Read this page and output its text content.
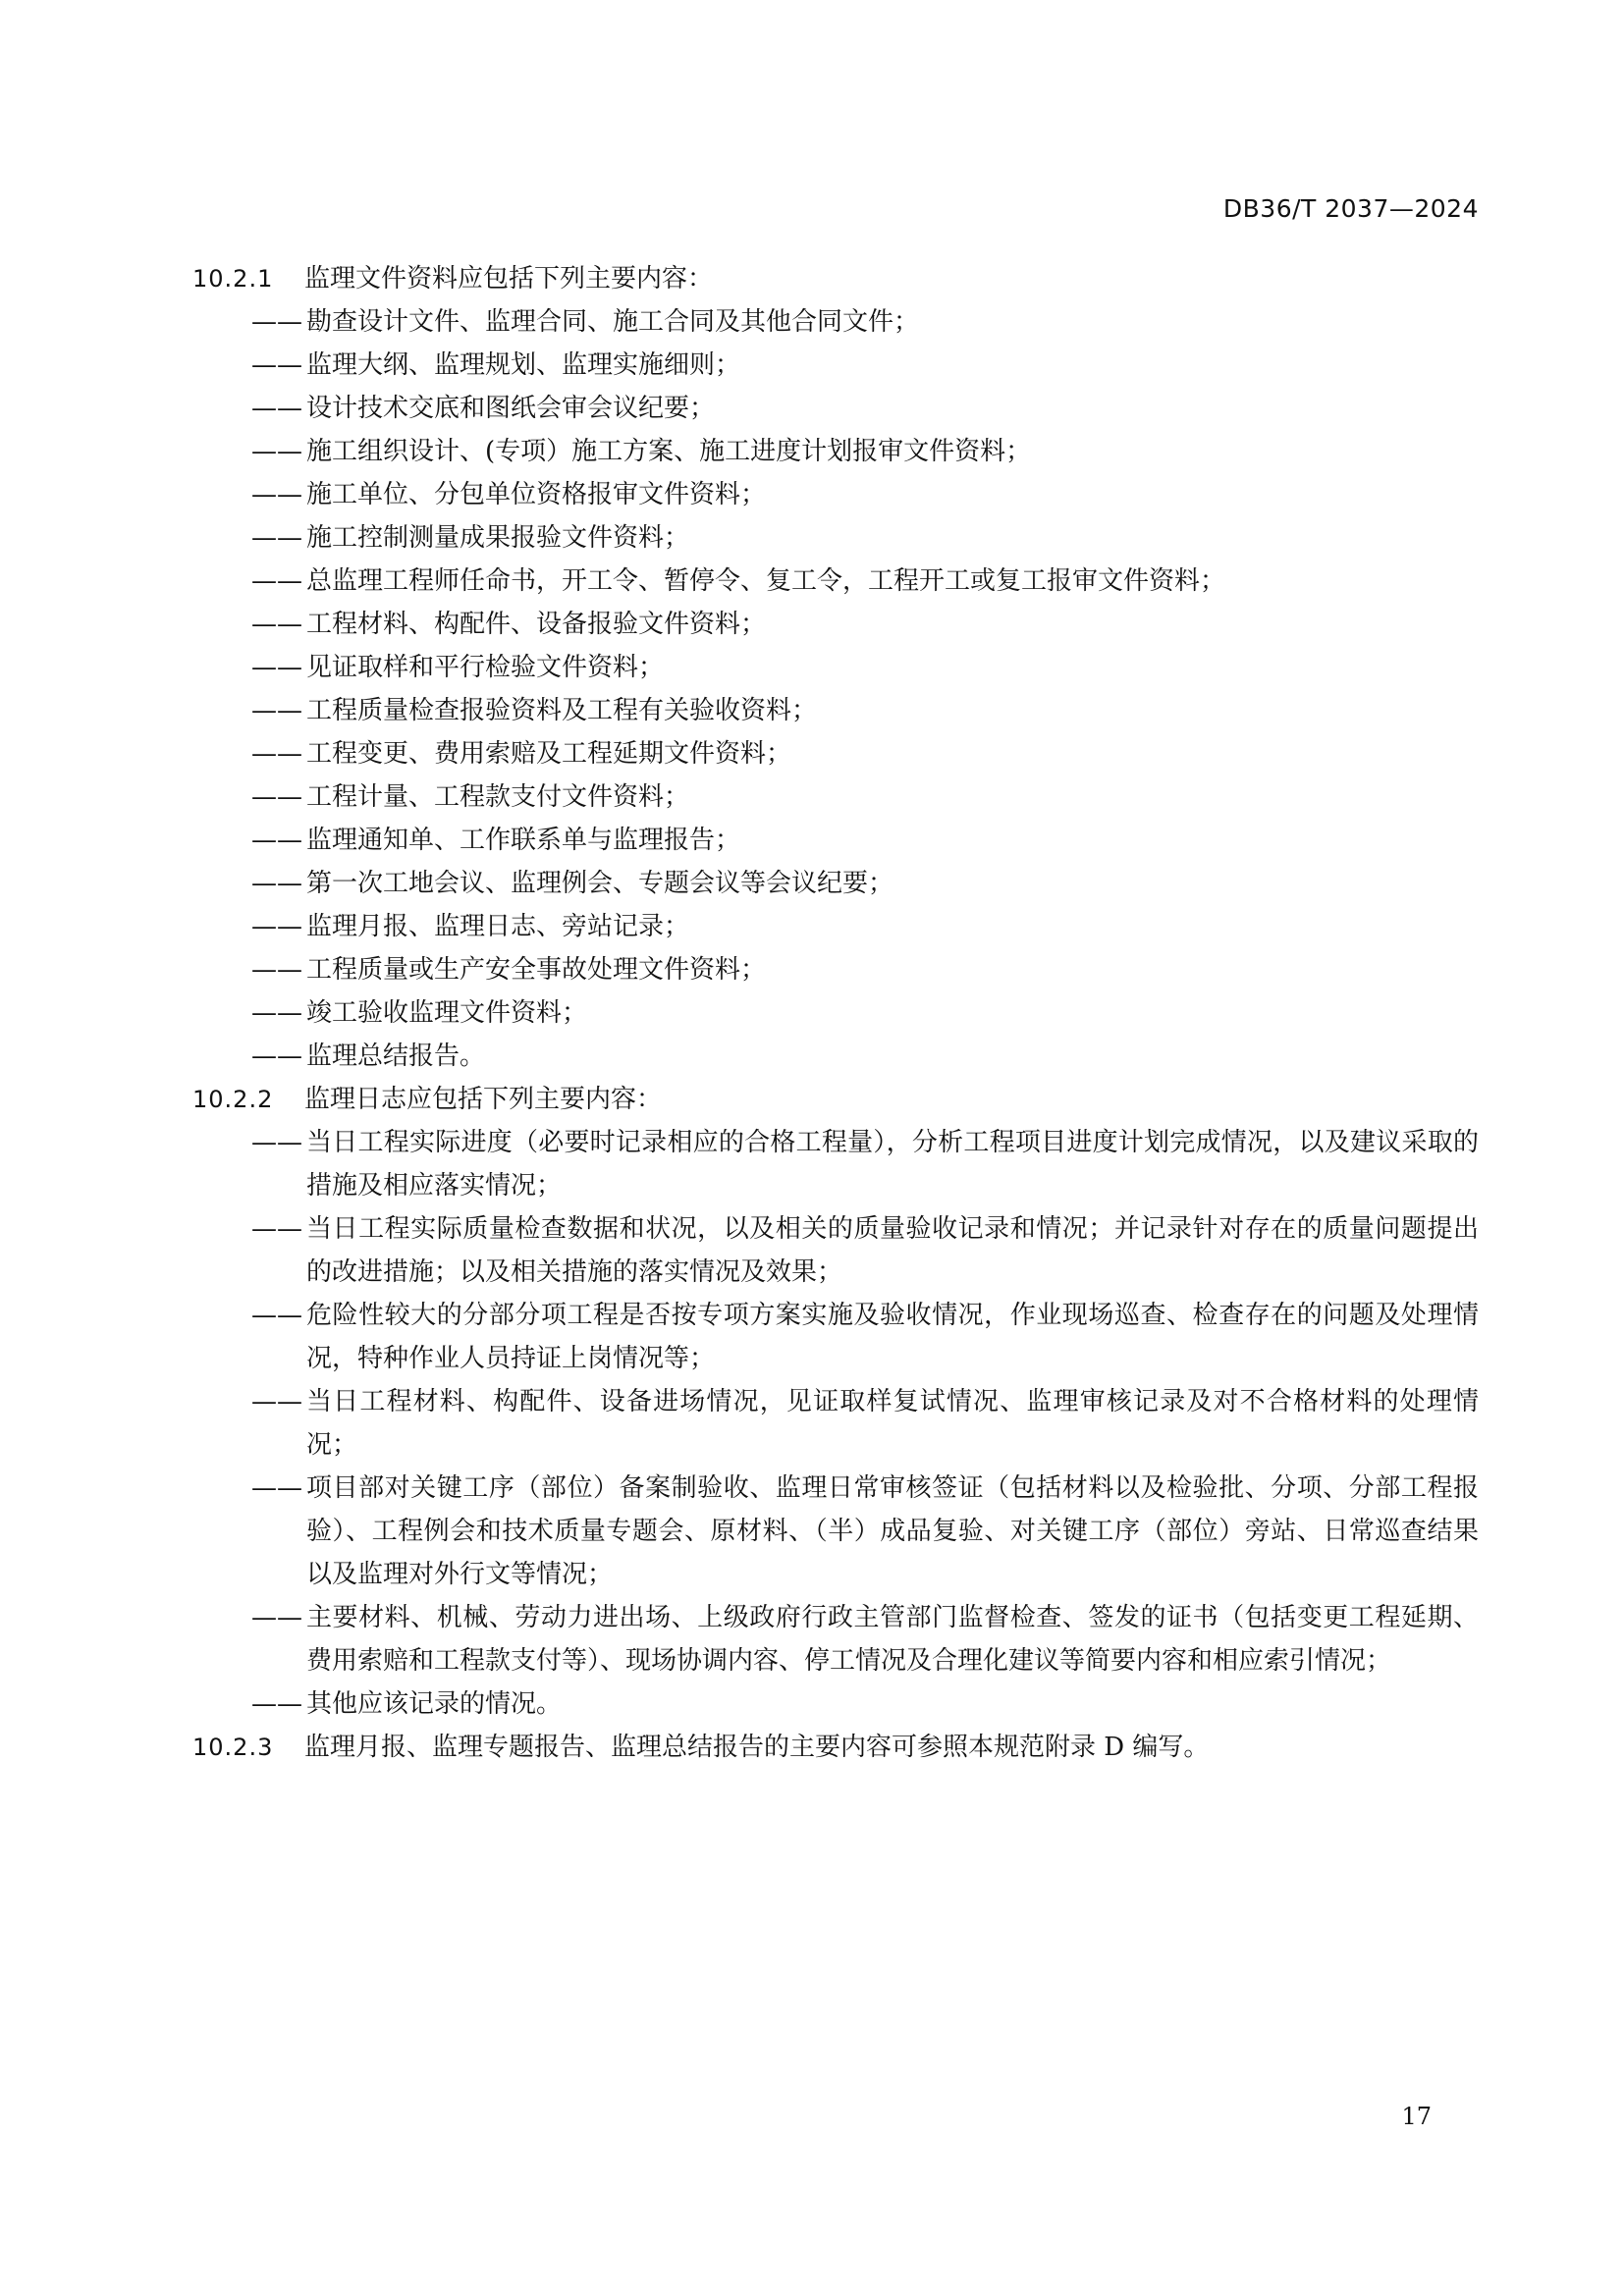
DB36/T 2037—2024
10.2.1	监理文件资料应包括下列主要内容：
—— 勘查设计文件、监理合同、施工合同及其他合同文件；
—— 监理大纲、监理规划、监理实施细则；
—— 设计技术交底和图纸会审会议纪要；
—— 施工组织设计、(专项）施工方案、施工进度计划报审文件资料；
—— 施工单位、分包单位资格报审文件资料；
—— 施工控制测量成果报验文件资料；
—— 总监理工程师任命书，开工令、暂停令、复工令，工程开工或复工报审文件资料；
—— 工程材料、构配件、设备报验文件资料；
—— 见证取样和平行检验文件资料；
—— 工程质量检查报验资料及工程有关验收资料；
—— 工程变更、费用索赔及工程延期文件资料；
—— 工程计量、工程款支付文件资料；
—— 监理通知单、工作联系单与监理报告；
—— 第一次工地会议、监理例会、专题会议等会议纪要；
—— 监理月报、监理日志、旁站记录；
—— 工程质量或生产安全事故处理文件资料；
—— 竣工验收监理文件资料；
—— 监理总结报告。
10.2.2	监理日志应包括下列主要内容：
—— 当日工程实际进度（必要时记录相应的合格工程量），分析工程项目进度计划完成情况，以及建议采取的措施及相应落实情况；
—— 当日工程实际质量检查数据和状况，以及相关的质量验收记录和情况；并记录针对存在的质量问题提出的改进措施；以及相关措施的落实情况及效果；
—— 危险性较大的分部分项工程是否按专项方案实施及验收情况，作业现场巡查、检查存在的问题及处理情况，特种作业人员持证上岗情况等；
—— 当日工程材料、构配件、设备进场情况，见证取样复试情况、监理审核记录及对不合格材料的处理情况；
—— 项目部对关键工序（部位）备案制验收、监理日常审核签证（包括材料以及检验批、分项、分部工程报验）、工程例会和技术质量专题会、原材料、（半）成品复验、对关键工序（部位）旁站、日常巡查结果以及监理对外行文等情况；
—— 主要材料、机械、劳动力进出场、上级政府行政主管部门监督检查、签发的证书（包括变更工程延期、费用索赔和工程款支付等）、现场协调内容、停工情况及合理化建议等简要内容和相应索引情况；
—— 其他应该记录的情况。
10.2.3	监理月报、监理专题报告、监理总结报告的主要内容可参照本规范附录 D 编写。
17
